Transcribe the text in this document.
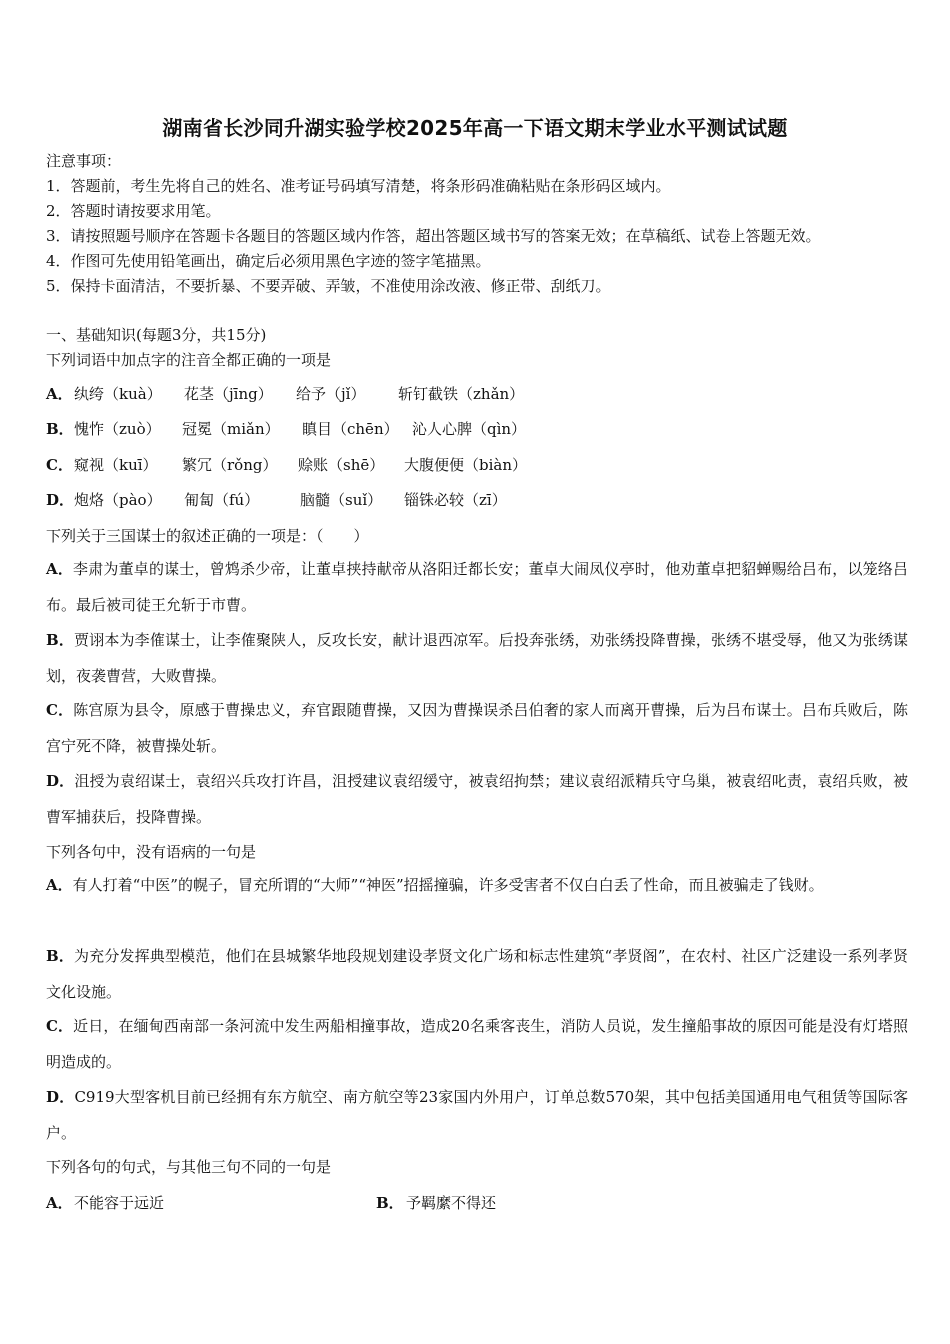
湖南省长沙同升湖实验学校2025年高一下语文期末学业水平测试试题
注意事项：
1．答题前，考生先将自己的姓名、准考证号码填写清楚，将条形码准确粘贴在条形码区域内。
2．答题时请按要求用笔。
3．请按照题号顺序在答题卡各题目的答题区域内作答，超出答题区域书写的答案无效；在草稿纸、试卷上答题无效。
4．作图可先使用铅笔画出，确定后必须用黑色字迹的签字笔描黑。
5．保持卡面清洁，不要折暴、不要弄破、弄皱，不准使用涂改液、修正带、刮纸刀。
一、基础知识(每题3分，共15分)
下列词语中加点字的注音全都正确的一项是
A． 纨绔（kuà） 花茎（jīng） 给予（jǐ） 斩钉截铁（zhǎn）
B． 愧怍（zuò） 冠冕（miǎn） 瞋目（chēn） 沁人心脾（qìn）
C． 窥视（kuī） 繁冗（rǒng） 赊账（shē） 大腹便便（biàn）
D． 炮烙（pào） 匍匐（fú）	脑髓（suǐ） 锱铢必较（zī）
下列关于三国谋士的叙述正确的一项是：（　　）
A．李肃为董卓的谋士，曾鸩杀少帝，让董卓挟持献帝从洛阳迁都长安；董卓大闹凤仪亭时，他劝董卓把貂蝉赐给吕布，以笼络吕布。最后被司徒王允斩于市曹。
B．贾诩本为李傕谋士，让李傕聚陕人，反攻长安，献计退西凉军。后投奔张绣，劝张绣投降曹操，张绣不堪受辱，他又为张绣谋划，夜袭曹营，大败曹操。
C．陈宫原为县令，原感于曹操忠义，弃官跟随曹操，又因为曹操误杀吕伯奢的家人而离开曹操，后为吕布谋士。吕布兵败后，陈宫宁死不降，被曹操处斩。
D．沮授为袁绍谋士，袁绍兴兵攻打许昌，沮授建议袁绍缓守，被袁绍拘禁；建议袁绍派精兵守乌巢，被袁绍叱责，袁绍兵败，被曹军捕获后，投降曹操。
下列各句中，没有语病的一句是
A．有人打着“中医”的幌子，冒充所谓的“大师”“神医”招摇撞骗，许多受害者不仅白白丢了性命，而且被骗走了钱财。
B．为充分发挥典型模范，他们在县城繁华地段规划建设孝贤文化广场和标志性建筑“孝贤阁”，在农村、社区广泛建设一系列孝贤文化设施。
C．近日，在缅甸西南部一条河流中发生两船相撞事故，造成20名乘客丧生，消防人员说，发生撞船事故的原因可能是没有灯塔照明造成的。
D．C919大型客机目前已经拥有东方航空、南方航空等23家国内外用户，订单总数570架，其中包括美国通用电气租赁等国际客户。
下列各句的句式，与其他三句不同的一句是
A． 不能容于远近	B． 予羁縻不得还
